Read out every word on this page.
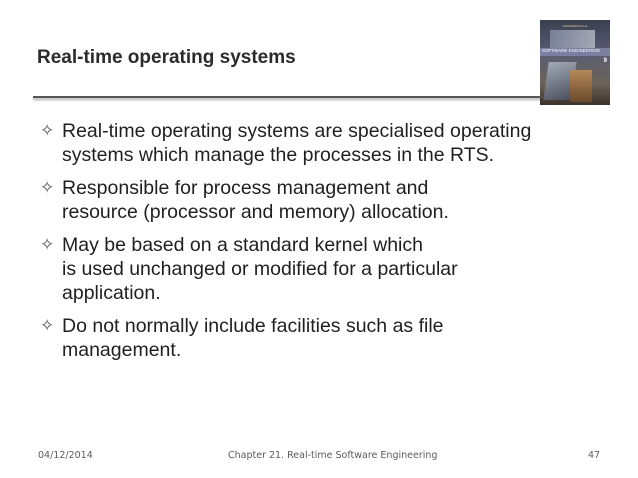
Real-time operating systems
SOMMERVILLE
SOFTWARE ENGINEERING
9
✧ Real-time operating systems are specialised operating
systems which manage the processes in the RTS.
✧ Responsible for process management and
resource (processor and memory) allocation.
✧ May be based on a standard kernel which
is used unchanged or modified for a particular
application.
✧ Do not normally include facilities such as file
management.
04/12/2014	Chapter 21. Real-time Software Engineering	47
